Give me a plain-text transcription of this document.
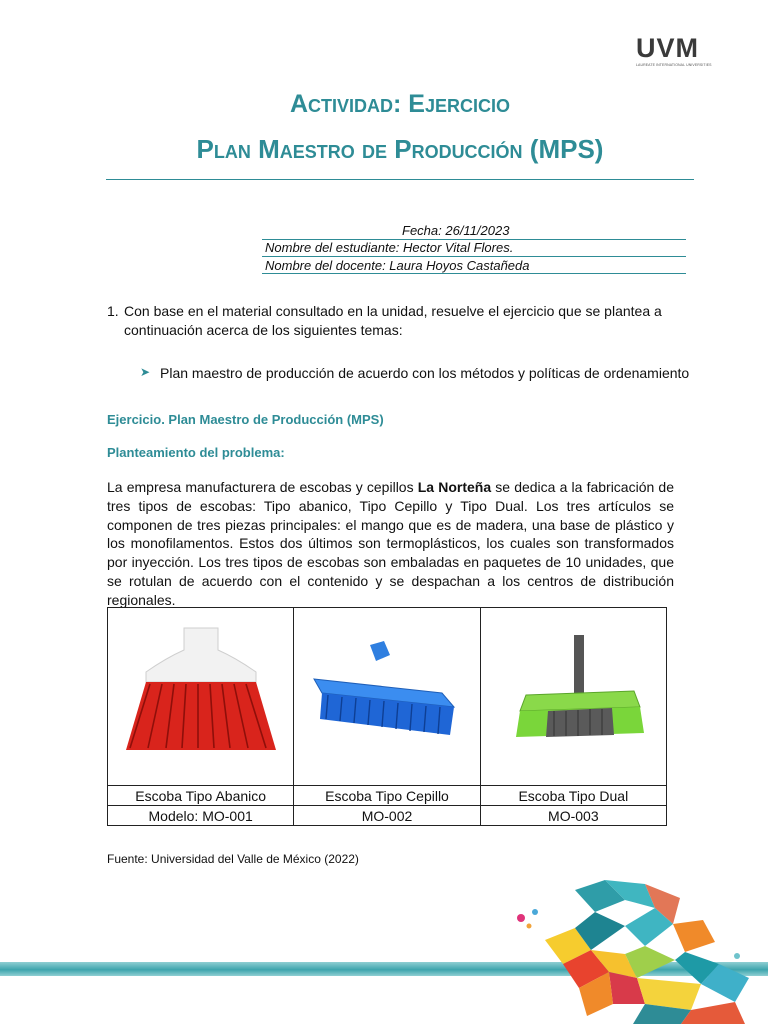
UVM
LAUREATE INTERNATIONAL UNIVERSITIES
Actividad: Ejercicio
Plan Maestro de Producción (MPS)
Fecha: 26/11/2023
Nombre del estudiante: Hector Vital Flores.
Nombre del docente: Laura Hoyos Castañeda
1. Con base en el material consultado en la unidad, resuelve el ejercicio que se plantea a continuación acerca de los siguientes temas:
➤ Plan maestro de producción de acuerdo con los métodos y políticas de ordenamiento
Ejercicio. Plan Maestro de Producción (MPS)
Planteamiento del problema:
La empresa manufacturera de escobas y cepillos La Norteña se dedica a la fabricación de tres tipos de escobas: Tipo abanico, Tipo Cepillo y Tipo Dual. Los tres artículos se componen de tres piezas principales: el mango que es de madera, una base de plástico y los monofilamentos. Estos dos últimos son termoplásticos, los cuales son transformados por inyección. Los tres tipos de escobas son embaladas en paquetes de 10 unidades, que se rotulan de acuerdo con el contenido y se despachan a los centros de distribución regionales.

Escoba Tipo Abanico	Escoba Tipo Cepillo	Escoba Tipo Dual
Modelo: MO-001	MO-002	MO-003
Fuente: Universidad del Valle de México (2022)
